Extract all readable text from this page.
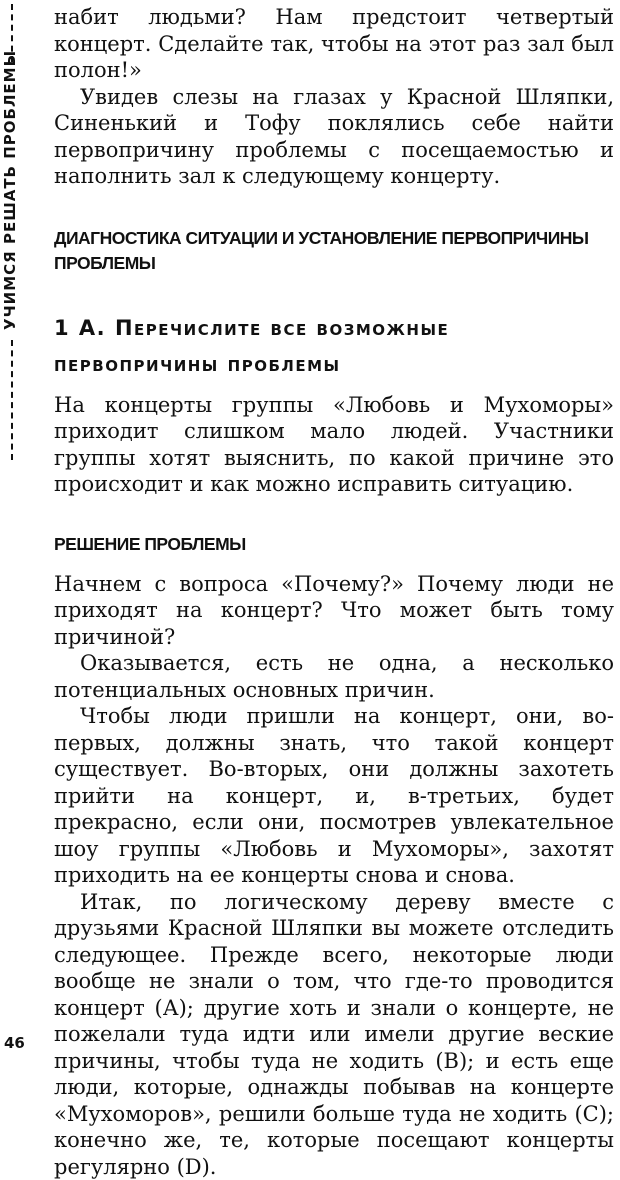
УЧИМСЯ РЕШАТЬ ПРОБЛЕМЫ

набит людьми? Нам предстоит четвертый концерт. Сделайте так, чтобы на этот раз зал был полон!»

Увидев слезы на глазах у Красной Шляпки, Синенький и Тофу поклялись себе найти первопричину проблемы с посещаемостью и наполнить зал к следующему концерту.

ДИАГНОСТИКА СИТУАЦИИ И УСТАНОВЛЕНИЕ ПЕРВОПРИЧИНЫ ПРОБЛЕМЫ
1 А. Перечислите все возможные первопричины проблемы

На концерты группы «Любовь и Мухоморы» приходит слишком мало людей. Участники группы хотят выяснить, по какой причине это происходит и как можно исправить ситуацию.

РЕШЕНИЕ ПРОБЛЕМЫ

Начнем с вопроса «Почему?» Почему люди не приходят на концерт? Что может быть тому причиной?

Оказывается, есть не одна, а несколько потенциальных основных причин.

Чтобы люди пришли на концерт, они, во-первых, должны знать, что такой концерт существует. Во-вторых, они должны захотеть прийти на концерт, и, в-третьих, будет прекрасно, если они, посмотрев увлекательное шоу группы «Любовь и Мухоморы», захотят приходить на ее концерты снова и снова.

Итак, по логическому дереву вместе с друзьями Красной Шляпки вы можете отследить следующее. Прежде всего, некоторые люди вообще не знали о том, что где-то проводится концерт (А); другие хоть и знали о концерте, не пожелали туда идти или имели другие веские причины, чтобы туда не ходить (В); и есть еще люди, которые, однажды побывав на концерте «Мухоморов», решили больше туда не ходить (С); конечно же, те, которые посещают концерты регулярно (D).

46
